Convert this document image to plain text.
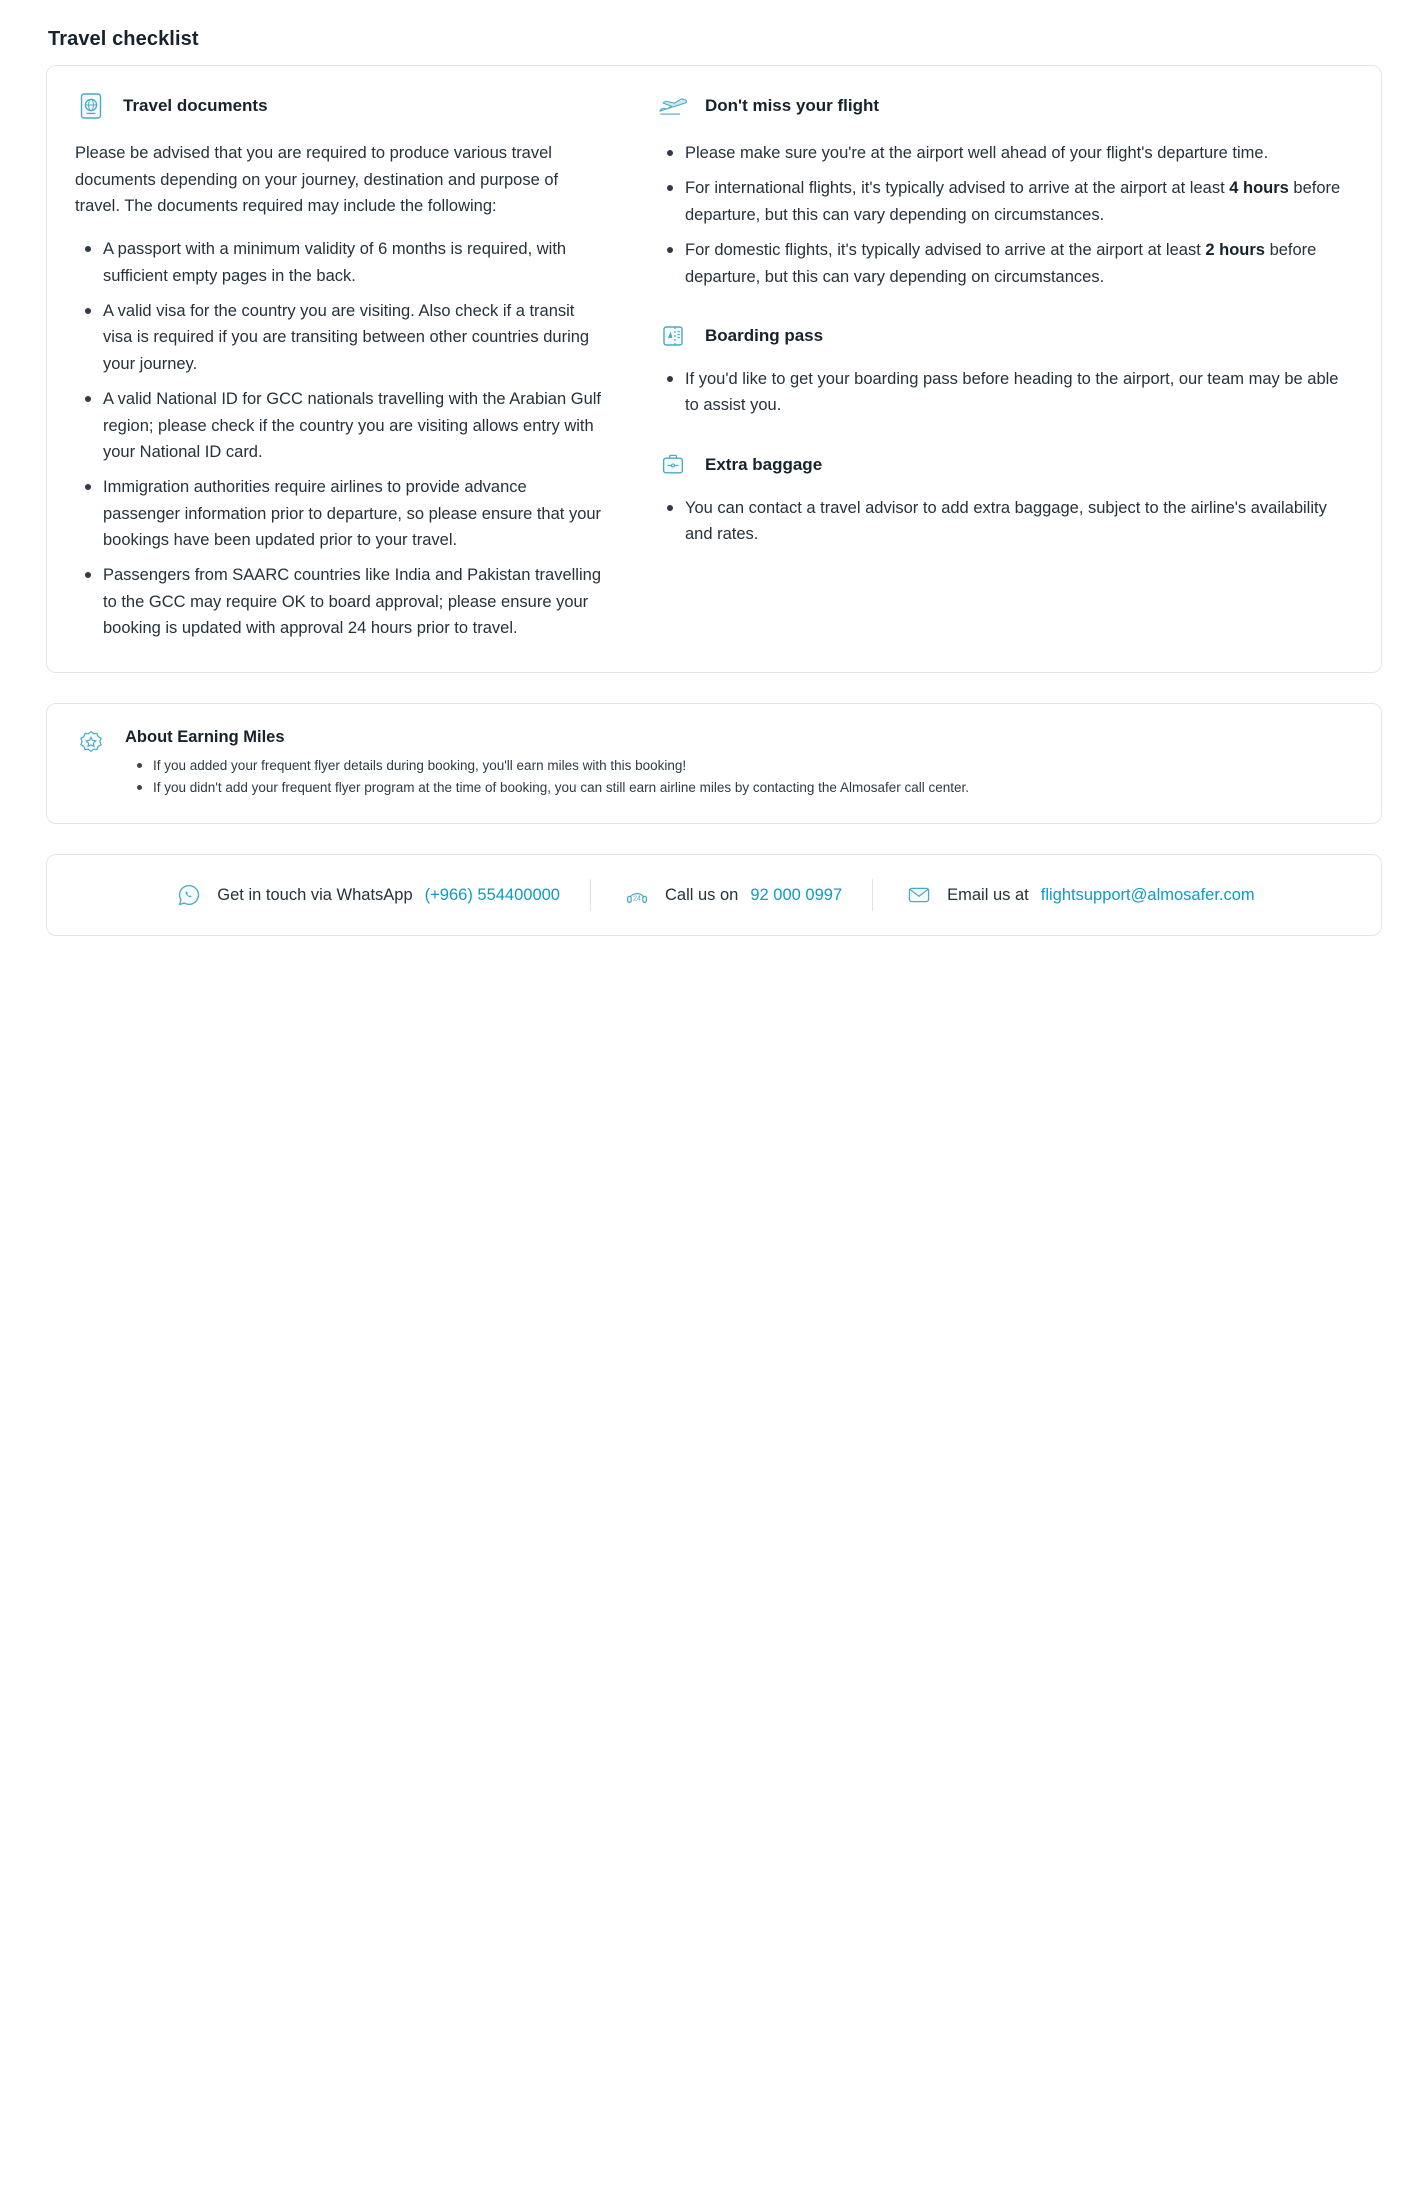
Travel checklist
Travel documents

Please be advised that you are required to produce various travel documents depending on your journey, destination and purpose of travel. The documents required may include the following:

A passport with a minimum validity of 6 months is required, with sufficient empty pages in the back.
A valid visa for the country you are visiting. Also check if a transit visa is required if you are transiting between other countries during your journey.
A valid National ID for GCC nationals travelling with the Arabian Gulf region; please check if the country you are visiting allows entry with your National ID card.
Immigration authorities require airlines to provide advance passenger information prior to departure, so please ensure that your bookings have been updated prior to your travel.
Passengers from SAARC countries like India and Pakistan travelling to the GCC may require OK to board approval; please ensure your booking is updated with approval 24 hours prior to travel.
Don't miss your flight
Please make sure you're at the airport well ahead of your flight's departure time.
For international flights, it's typically advised to arrive at the airport at least 4 hours before departure, but this can vary depending on circumstances.
For domestic flights, it's typically advised to arrive at the airport at least 2 hours before departure, but this can vary depending on circumstances.
Boarding pass
If you'd like to get your boarding pass before heading to the airport, our team may be able to assist you.
Extra baggage
You can contact a travel advisor to add extra baggage, subject to the airline's availability and rates.
About Earning Miles
If you added your frequent flyer details during booking, you'll earn miles with this booking!
If you didn't add your frequent flyer program at the time of booking, you can still earn airline miles by contacting the Almosafer call center.
Get in touch via WhatsApp (+966) 554400000	24 Call us on 92 000 0997	Email us at flightsupport@almosafer.com
